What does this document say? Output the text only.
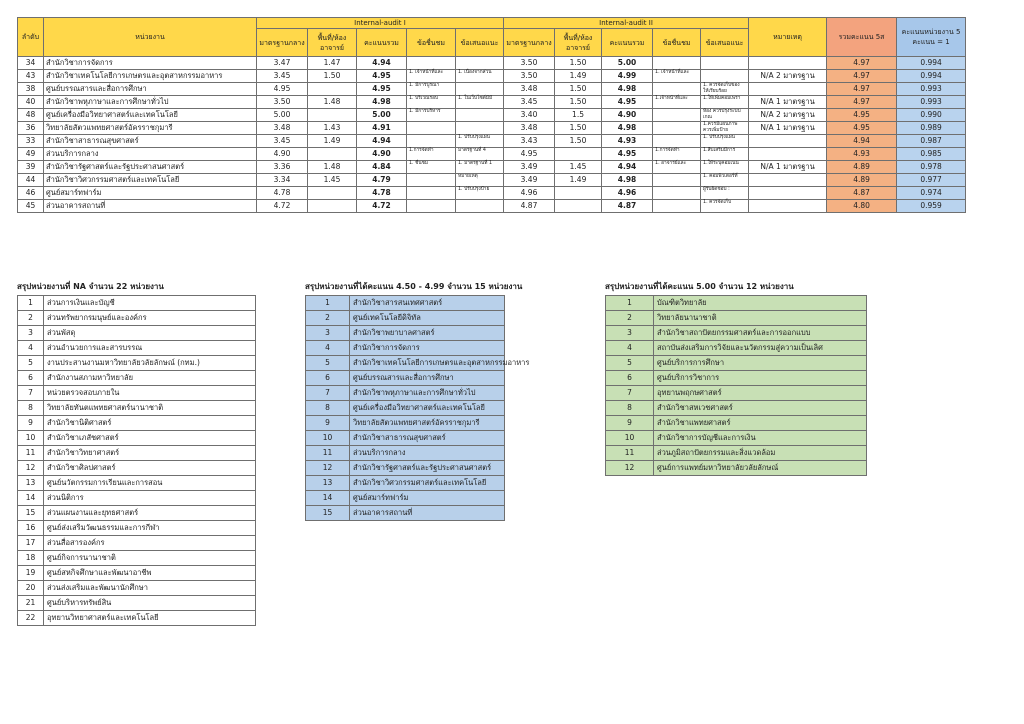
ลำดับ	หน่วยงาน	Internal-audit I					Internal-audit II					หมายเหตุ	รวมคะแนน 5ส	คะแนนหน่วยงาน 5 คะแนน = 1
		มาตรฐานกลาง	พื้นที่/ห้อง อาจารย์	คะแนนรวม	ข้อชื่นชม	ข้อเสนอแนะ	มาตรฐานกลาง	พื้นที่/ห้อง อาจารย์	คะแนนรวม	ข้อชื่นชม	ข้อเสนอแนะ			
34	สำนักวิชาการจัดการ	3.47	1.47	4.94			3.50	1.50	5.00				4.97	0.994
43	สำนักวิชาเทคโนโลยีการเกษตรและอุตสาหกรรมอาหาร	3.45	1.50	4.95	1. เจ้าหน้าที่และ	1. เนื่องจากส่วน	3.50	1.49	4.99	1. เจ้าหน้าที่และ		N/A 2 มาตรฐาน	4.97	0.994
38	ศูนย์บรรณสารและสื่อการศึกษา	4.95		4.95	1. มีการบูรณา		3.48	1.50	4.98		1. ควรจัดเก็บของ ให้เรียบร้อย		4.97	0.993
40	สำนักวิชาพหุภาษาและการศึกษาทั่วไป	3.50	1.48	4.98	1. บริเวณรอบ	1. ในเว็บไซต์มีมี	3.45	1.50	4.95	1.เจ้าหน้าที่และ	1.ให้เพิ่มคอมเพรา	N/A 1 มาตรฐาน	4.97	0.993
48	ศูนย์เครื่องมือวิทยาศาสตร์และเทคโนโลยี	5.00		5.00	1. มีการบริหาร		3.40	1.5	4.90		ห้อง ควรปรุงระบบเกณ	N/A 2 มาตรฐาน	4.95	0.990
36	วิทยาลัยสัตวแพทยศาสตร์อัครราชกุมารี	3.48	1.43	4.91			3.48	1.50	4.98		1.ควรมีแผนภาพ ควรเพิ่มป้าย	N/A 1 มาตรฐาน	4.95	0.989
33	สำนักวิชาสาธารณสุขศาสตร์	3.45	1.49	4.94		1. ปรับปรุงแผน	3.43	1.50	4.93		1. ปรับปรุงแผน		4.94	0.987
49	ส่วนบริการกลาง	4.90		4.90	1.การจัดทำ	มาตรฐานที่ 4	4.95		4.95	1.การจัดทำ	1.สืบเสริมมีการ		4.93	0.985
39	สำนักวิชารัฐศาสตร์และรัฐประศาสนศาสตร์	3.36	1.48	4.84	1. ชื่นชม	1. มาตรฐานที่ 1	3.49	1.45	4.94	1. อาจารย์และ	1.ให้ระบุคอมเนน	N/A 1 มาตรฐาน	4.89	0.978
44	สำนักวิชาวิศวกรรมศาสตร์และเทคโนโลยี	3.34	1.45	4.79		หมายเหตุ	3.49	1.49	4.98		1. คอมพิวเตอร์ที่		4.89	0.977
46	ศูนย์สมาร์ทฟาร์ม	4.78		4.78		1. ปรับปรุงป้าย	4.96		4.96		ผู้รับผิดชอบ :		4.87	0.974
45	ส่วนอาคารสถานที่	4.72		4.72			4.87		4.87		1. ควรจัดเก็บ		4.80	0.959
สรุปหน่วยงานที่ NA จำนวน 22 หน่วยงาน
1	ส่วนการเงินและบัญชี
2	ส่วนทรัพยากรมนุษย์และองค์กร
3	ส่วนพัสดุ
4	ส่วนอำนวยการและสารบรรณ
5	งานประสานงานมหาวิทยาลัยวลัยลักษณ์ (กทม.)
6	สำนักงานสภามหาวิทยาลัย
7	หน่วยตรวจสอบภายใน
8	วิทยาลัยทันตแพทยศาสตร์นานาชาติ
9	สำนักวิชานิติศาสตร์
10	สำนักวิชาเภสัชศาสตร์
11	สำนักวิชาวิทยาศาสตร์
12	สำนักวิชาศิลปศาสตร์
13	ศูนย์นวัตกรรมการเรียนและการสอน
14	ส่วนนิติการ
15	ส่วนแผนงานและยุทธศาสตร์
16	ศูนย์ส่งเสริมวัฒนธรรมและการกีฬา
17	ส่วนสื่อสารองค์กร
18	ศูนย์กิจการนานาชาติ
19	ศูนย์สหกิจศึกษาและพัฒนาอาชีพ
20	ส่วนส่งเสริมและพัฒนานักศึกษา
21	ศูนย์บริหารทรัพย์สิน
22	อุทยานวิทยาศาสตร์และเทคโนโลยี
สรุปหน่วยงานที่ได้คะแนน 4.50 - 4.99 จำนวน 15 หน่วยงาน
1	สำนักวิชาสารสนเทศศาสตร์
2	ศูนย์เทคโนโลยีดิจิทัล
3	สำนักวิชาพยาบาลศาสตร์
4	สำนักวิชาการจัดการ
5	สำนักวิชาเทคโนโลยีการเกษตรและอุตสาหกรรมอาหาร
6	ศูนย์บรรณสารและสื่อการศึกษา
7	สำนักวิชาพหุภาษาและการศึกษาทั่วไป
8	ศูนย์เครื่องมือวิทยาศาสตร์และเทคโนโลยี
9	วิทยาลัยสัตวแพทยศาสตร์อัครราชกุมารี
10	สำนักวิชาสาธารณสุขศาสตร์
11	ส่วนบริการกลาง
12	สำนักวิชารัฐศาสตร์และรัฐประศาสนศาสตร์
13	สำนักวิชาวิศวกรรมศาสตร์และเทคโนโลยี
14	ศูนย์สมาร์ทฟาร์ม
15	ส่วนอาคารสถานที่
สรุปหน่วยงานที่ได้คะแนน 5.00 จำนวน 12 หน่วยงาน
1	บัณฑิตวิทยาลัย
2	วิทยาลัยนานาชาติ
3	สำนักวิชาสถาปัตยกรรมศาสตร์และการออกแบบ
4	สถาบันส่งเสริมการวิจัยและนวัตกรรมสู่ความเป็นเลิศ
5	ศูนย์บริการการศึกษา
6	ศูนย์บริการวิชาการ
7	อุทยานพฤกษศาสตร์
8	สำนักวิชาสหเวชศาสตร์
9	สำนักวิชาแพทยศาสตร์
10	สำนักวิชาการบัญชีและการเงิน
11	ส่วนภูมิสถาปัตยกรรมและสิ่งแวดล้อม
12	ศูนย์การแพทย์มหาวิทยาลัยวลัยลักษณ์
